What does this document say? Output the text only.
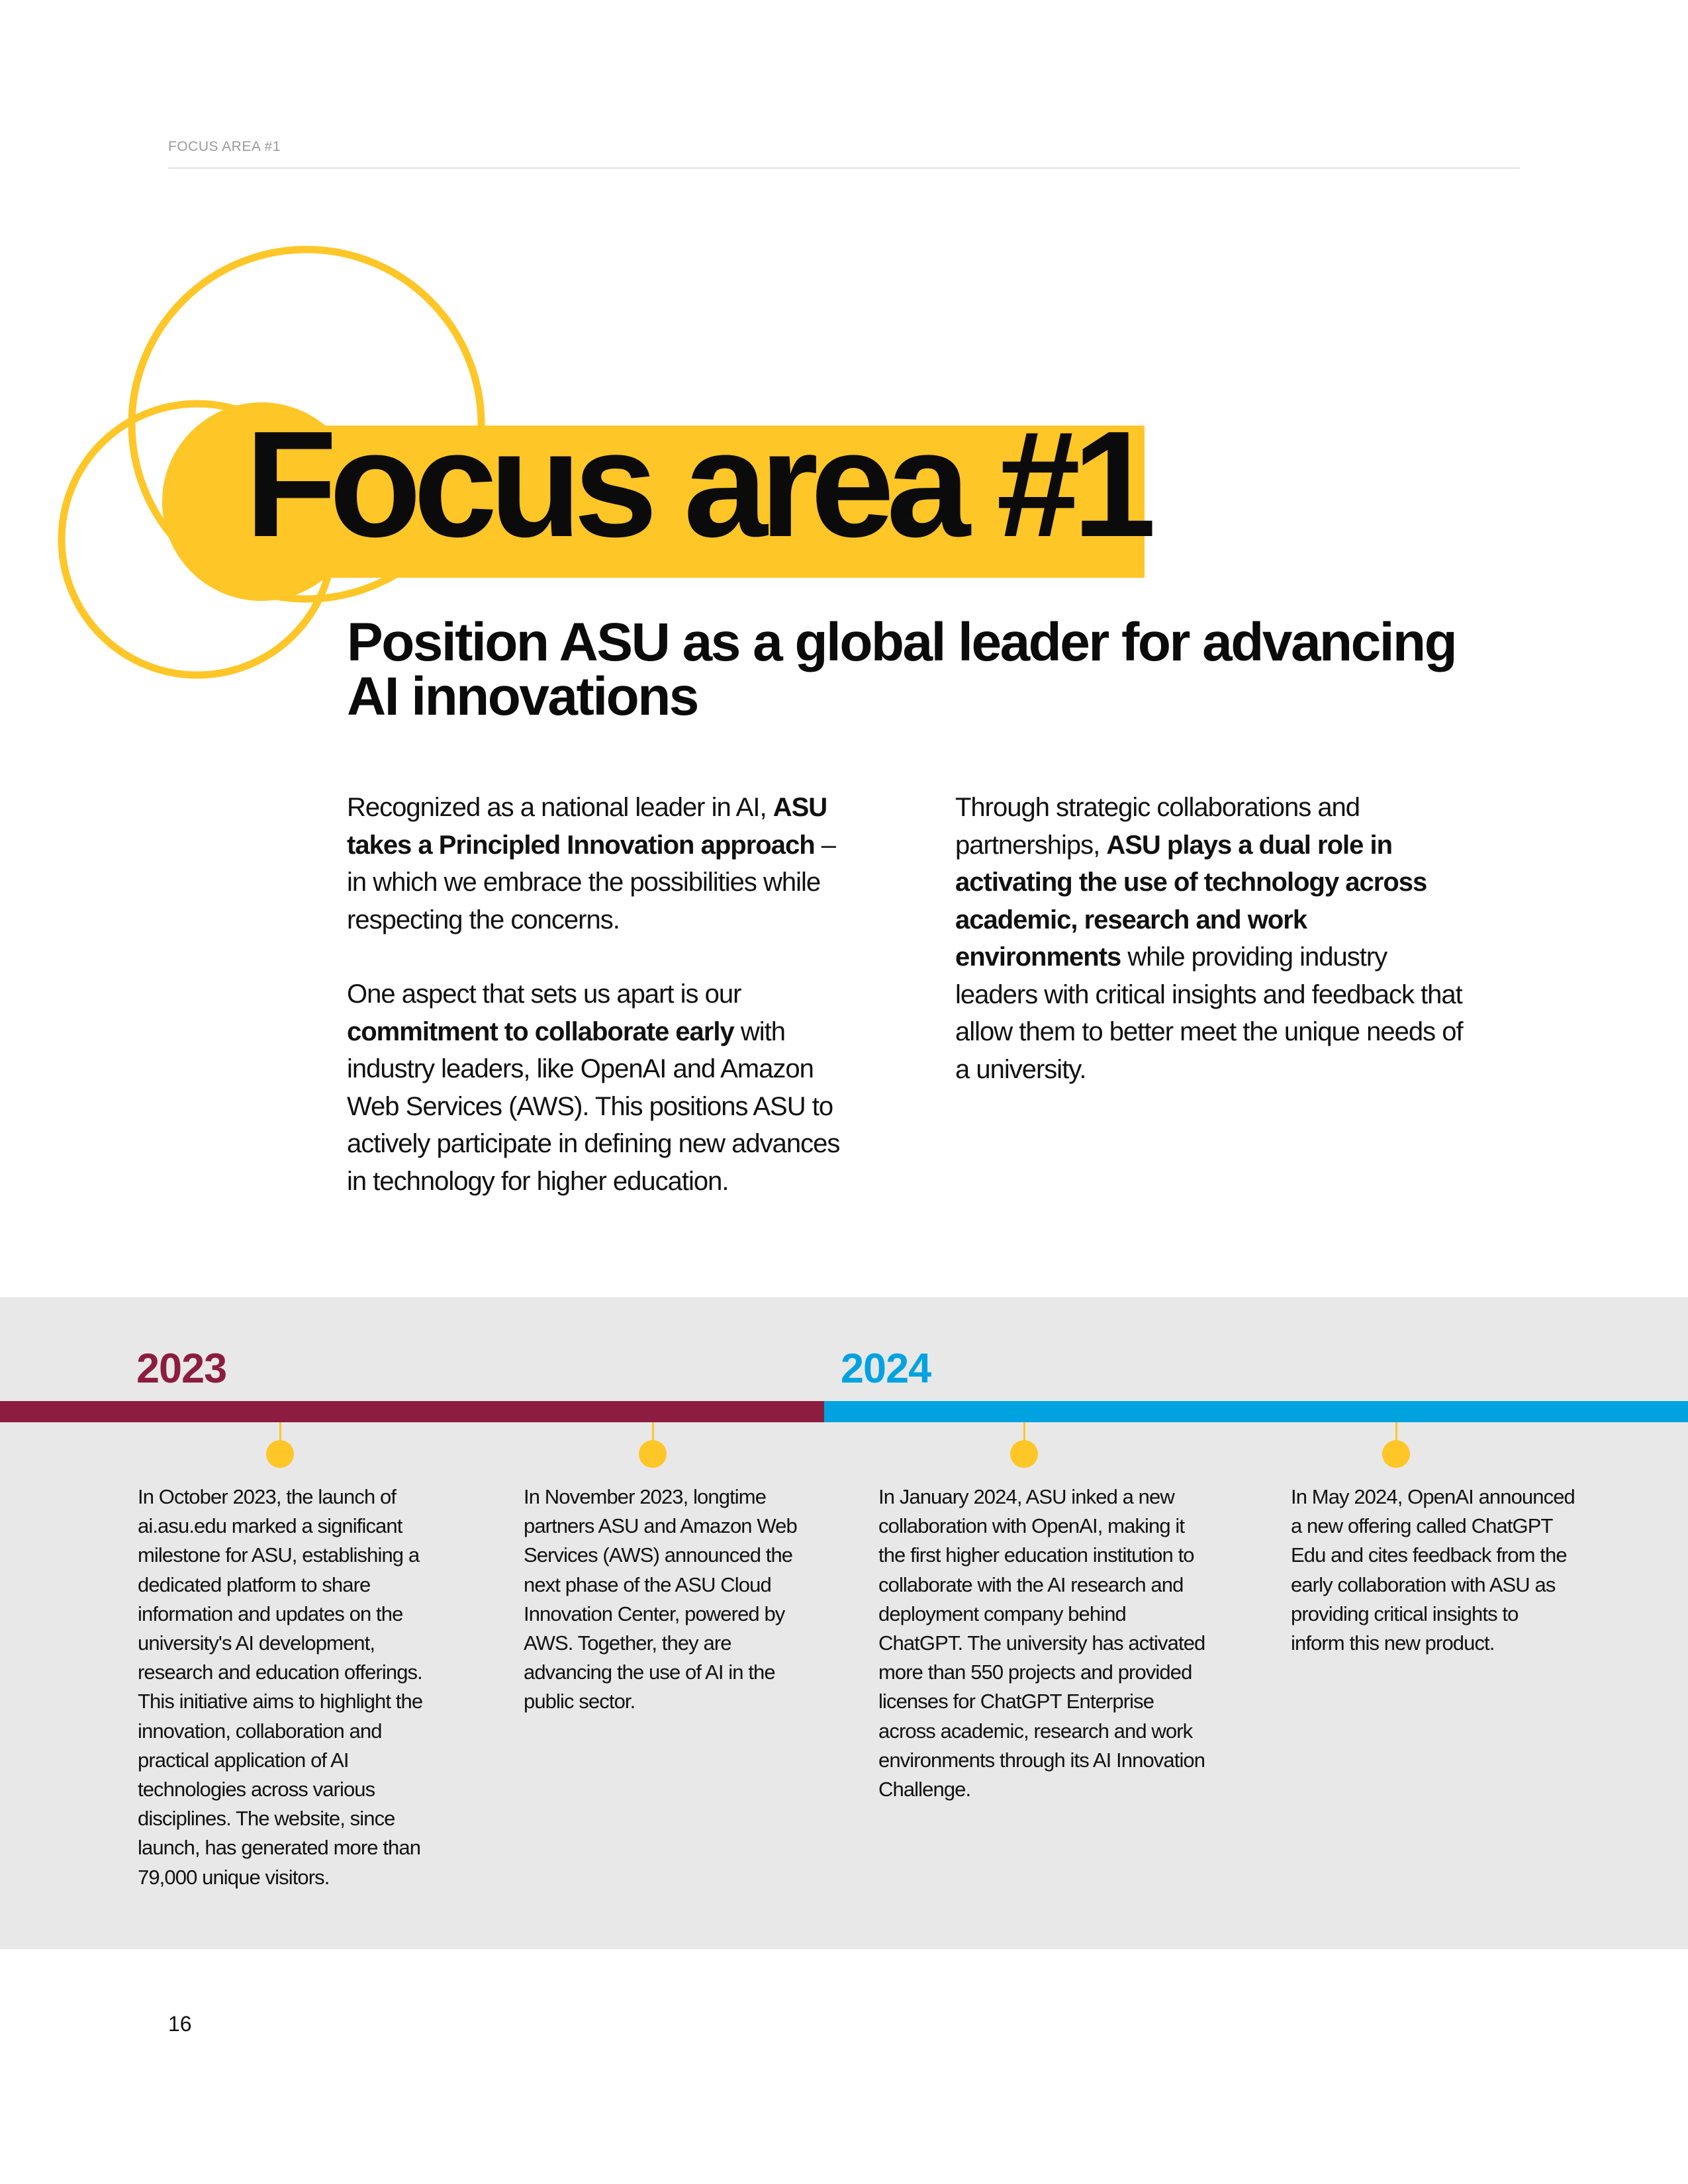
FOCUS AREA #1
Focus area #1
Position ASU as a global leader for advancing AI innovations

Recognized as a national leader in AI, ASU takes a Principled Innovation approach – in which we embrace the possibilities while respecting the concerns.

One aspect that sets us apart is our commitment to collaborate early with industry leaders, like OpenAI and Amazon Web Services (AWS). This positions ASU to actively participate in defining new advances in technology for higher education.

Through strategic collaborations and partnerships, ASU plays a dual role in activating the use of technology across academic, research and work environments while providing industry leaders with critical insights and feedback that allow them to better meet the unique needs of a university.

2023	2024
In October 2023, the launch of ai.asu.edu marked a significant milestone for ASU, establishing a dedicated platform to share information and updates on the university's AI development, research and education offerings. This initiative aims to highlight the innovation, collaboration and practical application of AI technologies across various disciplines. The website, since launch, has generated more than 79,000 unique visitors.
In November 2023, longtime partners ASU and Amazon Web Services (AWS) announced the next phase of the ASU Cloud Innovation Center, powered by AWS. Together, they are advancing the use of AI in the public sector.
In January 2024, ASU inked a new collaboration with OpenAI, making it the first higher education institution to collaborate with the AI research and deployment company behind ChatGPT. The university has activated more than 550 projects and provided licenses for ChatGPT Enterprise across academic, research and work environments through its AI Innovation Challenge.
In May 2024, OpenAI announced a new offering called ChatGPT Edu and cites feedback from the early collaboration with ASU as providing critical insights to inform this new product.
16
